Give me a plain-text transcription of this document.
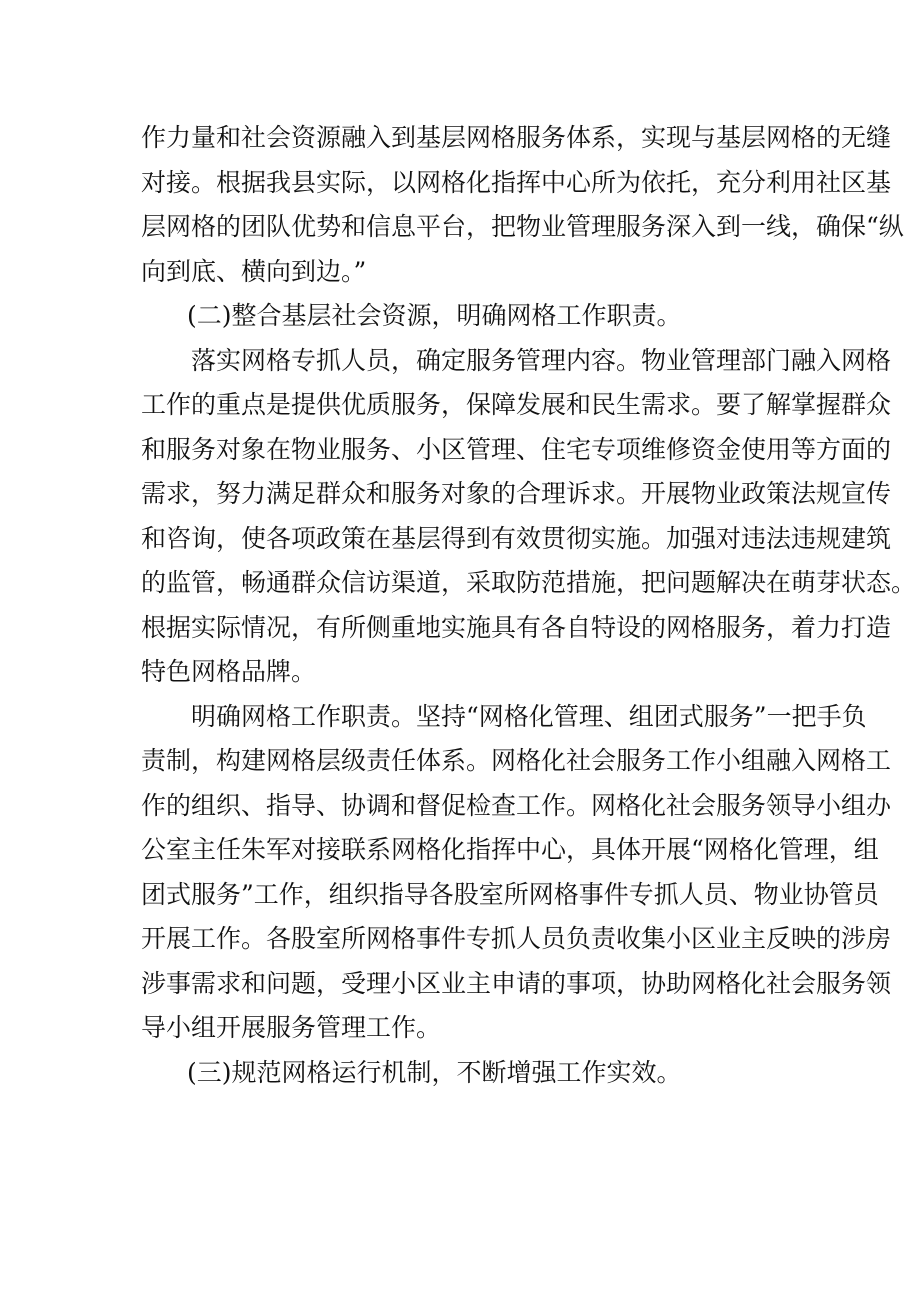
作力量和社会资源融入到基层网格服务体系，实现与基层网格的无缝
对接。根据我县实际，以网格化指挥中心所为依托，充分利用社区基
层网格的团队优势和信息平台，把物业管理服务深入到一线，确保“纵
向到底、横向到边。”
(二)整合基层社会资源，明确网格工作职责。
落实网格专抓人员，确定服务管理内容。物业管理部门融入网格
工作的重点是提供优质服务，保障发展和民生需求。要了解掌握群众
和服务对象在物业服务、小区管理、住宅专项维修资金使用等方面的
需求，努力满足群众和服务对象的合理诉求。开展物业政策法规宣传
和咨询，使各项政策在基层得到有效贯彻实施。加强对违法违规建筑
的监管，畅通群众信访渠道，采取防范措施，把问题解决在萌芽状态。
根据实际情况，有所侧重地实施具有各自特设的网格服务，着力打造
特色网格品牌。
明确网格工作职责。坚持“网格化管理、组团式服务”一把手负
责制，构建网格层级责任体系。网格化社会服务工作小组融入网格工
作的组织、指导、协调和督促检查工作。网格化社会服务领导小组办
公室主任朱军对接联系网格化指挥中心，具体开展“网格化管理，组
团式服务”工作，组织指导各股室所网格事件专抓人员、物业协管员
开展工作。各股室所网格事件专抓人员负责收集小区业主反映的涉房
涉事需求和问题，受理小区业主申请的事项，协助网格化社会服务领
导小组开展服务管理工作。
(三)规范网格运行机制，不断增强工作实效。
